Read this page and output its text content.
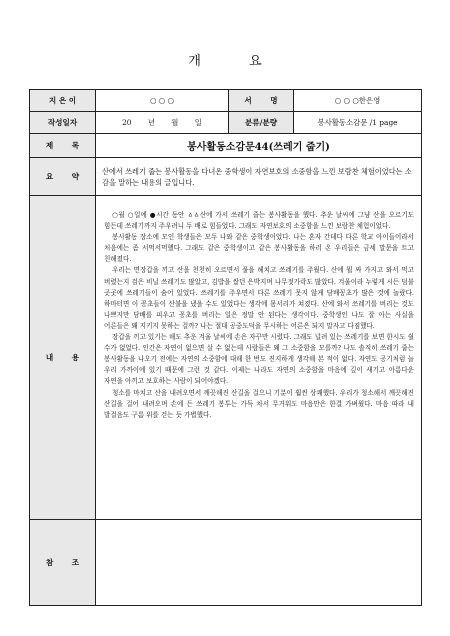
개 요
지 은 이	○ ○ ○	서 명	○ ○ ○한은영
작성일자	20 년 월 일	분류/분량	봉사활동소감문 /1 page
제 목	봉사활동소감문44(쓰레기 줍기)		
요 약	산에서 쓰레기 줍는 봉사활동을 다녀온 중학생이 자연보호의 소중함을 느낀 보람찬 체험이었다는 소감을 말하는 내용의 글입니다.		
내 용	○월 ○일에 ●시간 동안 ㅿㅿ산에 가서 쓰레기 줍는 봉사활동을 했다. 추운 날씨에 그냥 산을 오르기도 힘든데 쓰레기까지 주우려니 두 배로 힘들었다. 그래도 자연보호의 소중함을 느낀 보람찬 체험이었다.

봉사활동 장소에 모인 학생들은 모두 나와 같은 중학생이었다. 나는 혼자 간데다 다른 학교 아이들이라서 처음에는 좀 서먹서먹했다. 그래도 같은 중학생이고 같은 봉사활동을 하러 온 우리들은 금세 말문을 트고 친해졌다.

우리는 면장갑을 끼고 산을 천천히 오르면서 풀을 헤치고 쓰레기를 주웠다. 산에 뭘 싸 가지고 와서 먹고 버렸는지 검은 비닐 쓰레기도 많았고, 김밥을 쌌던 은박지며 나무젓가락도 많았다. 겨울이라 누렇게 시든 덤불 곳곳에 쓰레기들이 숨어 있었다. 쓰레기를 주우면서 다른 쓰레기 못지 않게 담배꽁초가 많은 것에 놀랐다. 하마터면 이 꽁초들이 산불을 냈을 수도 있었다는 생각에 몸서리가 쳐졌다. 산에 와서 쓰레기를 버리는 것도 나쁘지만 담배를 피우고 꽁초를 버리는 일은 정말 안 된다는 생각이다. 중학생인 나도 잘 아는 사실을 어른들은 왜 지키지 못하는 걸까? 나는 절대 공중도덕을 무시하는 어른은 되지 말자고 다짐했다.

장갑을 끼고 있기는 해도 추운 겨울 날씨에 손은 자꾸만 시렸다. 그래도 널려 있는 쓰레기를 보면 한시도 쉴 수가 없었다. 인간은 자연이 없으면 살 수 없는데 사람들은 왜 그 소중함을 모를까? 나도 솔직히 쓰레기 줍는 봉사활동을 나오기 전에는 자연의 소중함에 대해 한 번도 진지하게 생각해 본 적이 없다. 자연도 공기처럼 늘 우리 가까이에 있기 때문에 그런 것 같다. 이제는 나라도 자연의 소중함을 마음에 깊이 새기고 아름다운 자연을 아끼고 보호하는 사람이 되어야겠다.

청소를 마치고 산을 내려오면서 깨끗해진 산길을 걸으니 기분이 훨씬 상쾌했다. 우리가 청소해서 깨끗해진 산길을 걸어 내려오며 손에 든 쓰레기 봉투는 가득 차서 무거워도 마음만은 한결 가벼웠다. 마음 따라 내 발걸음도 구름 위를 걷는 듯 가볍했다.		

참 조			
